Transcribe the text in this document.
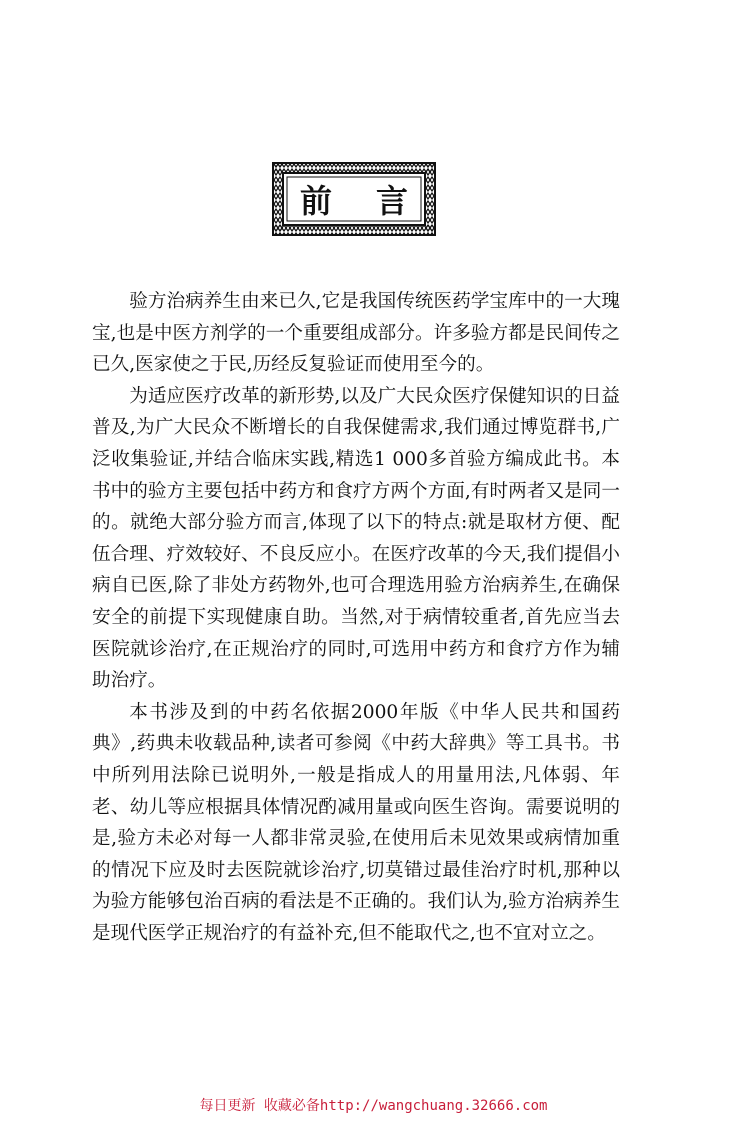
前 言

验方治病养生由来已久,它是我国传统医药学宝库中的一大瑰宝,也是中医方剂学的一个重要组成部分。许多验方都是民间传之已久,医家使之于民,历经反复验证而使用至今的。

为适应医疗改革的新形势,以及广大民众医疗保健知识的日益普及,为广大民众不断增长的自我保健需求,我们通过博览群书,广泛收集验证,并结合临床实践,精选1 000多首验方编成此书。本书中的验方主要包括中药方和食疗方两个方面,有时两者又是同一的。就绝大部分验方而言,体现了以下的特点:就是取材方便、配伍合理、疗效较好、不良反应小。在医疗改革的今天,我们提倡小病自已医,除了非处方药物外,也可合理选用验方治病养生,在确保安全的前提下实现健康自助。当然,对于病情较重者,首先应当去医院就诊治疗,在正规治疗的同时,可选用中药方和食疗方作为辅助治疗。

本书涉及到的中药名依据2000年版《中华人民共和国药典》,药典未收载品种,读者可参阅《中药大辞典》等工具书。书中所列用法除已说明外,一般是指成人的用量用法,凡体弱、年老、幼儿等应根据具体情况酌减用量或向医生咨询。需要说明的是,验方未必对每一人都非常灵验,在使用后未见效果或病情加重的情况下应及时去医院就诊治疗,切莫错过最佳治疗时机,那种以为验方能够包治百病的看法是不正确的。我们认为,验方治病养生是现代医学正规治疗的有益补充,但不能取代之,也不宜对立之。

每日更新 收藏必备http://wangchuang.32666.com
